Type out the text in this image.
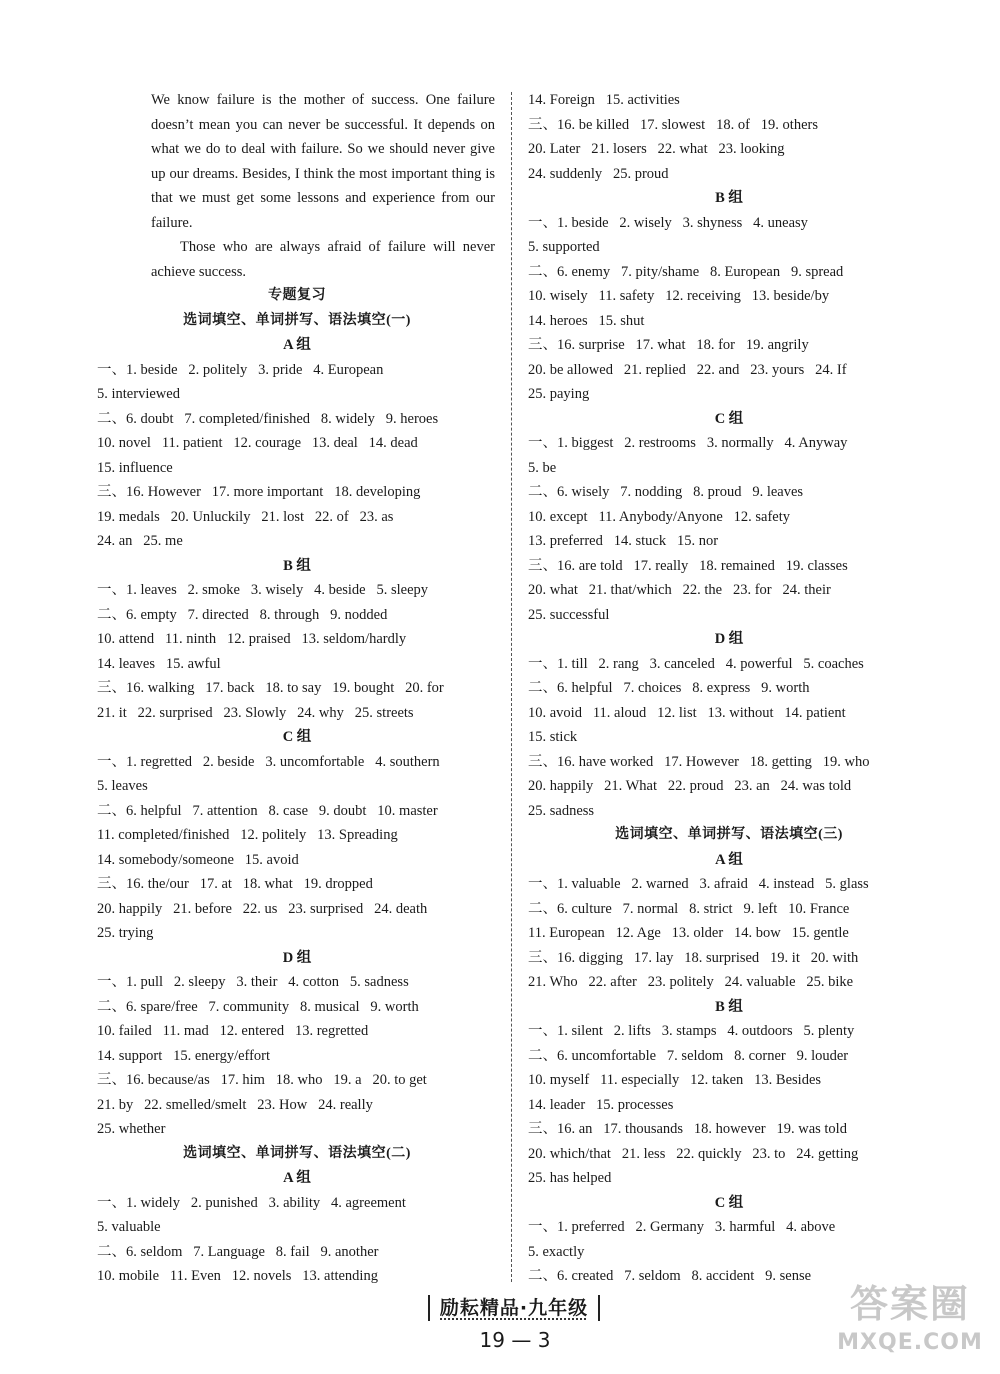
We know failure is the mother of success. One failure doesn’t mean you can never be successful. It depends on what we do to deal with failure. So we should never give up our dreams. Besides, I think the most important thing is that we must get some lessons and experience from our failure.

Those who are always afraid of failure will never achieve success.

专题复习
选词填空、单词拼写、语法填空(一)
A 组
一、1. beside   2. politely   3. pride   4. European
5. interviewed
二、6. doubt   7. completed/finished   8. widely   9. heroes
10. novel   11. patient   12. courage   13. deal   14. dead
15. influence
三、16. However   17. more important   18. developing
19. medals   20. Unluckily   21. lost   22. of   23. as
24. an   25. me
B 组
一、1. leaves   2. smoke   3. wisely   4. beside   5. sleepy
二、6. empty   7. directed   8. through   9. nodded
10. attend   11. ninth   12. praised   13. seldom/hardly
14. leaves   15. awful
三、16. walking   17. back   18. to say   19. bought   20. for
21. it   22. surprised   23. Slowly   24. why   25. streets
C 组
一、1. regretted   2. beside   3. uncomfortable   4. southern
5. leaves
二、6. helpful   7. attention   8. case   9. doubt   10. master
11. completed/finished   12. politely   13. Spreading
14. somebody/someone   15. avoid
三、16. the/our   17. at   18. what   19. dropped
20. happily   21. before   22. us   23. surprised   24. death
25. trying
D 组
一、1. pull   2. sleepy   3. their   4. cotton   5. sadness
二、6. spare/free   7. community   8. musical   9. worth
10. failed   11. mad   12. entered   13. regretted
14. support   15. energy/effort
三、16. because/as   17. him   18. who   19. a   20. to get
21. by   22. smelled/smelt   23. How   24. really
25. whether
选词填空、单词拼写、语法填空(二)
A 组
一、1. widely   2. punished   3. ability   4. agreement
5. valuable
二、6. seldom   7. Language   8. fail   9. another
10. mobile   11. Even   12. novels   13. attending
14. Foreign   15. activities
三、16. be killed   17. slowest   18. of   19. others
20. Later   21. losers   22. what   23. looking
24. suddenly   25. proud
B 组
一、1. beside   2. wisely   3. shyness   4. uneasy
5. supported
二、6. enemy   7. pity/shame   8. European   9. spread
10. wisely   11. safety   12. receiving   13. beside/by
14. heroes   15. shut
三、16. surprise   17. what   18. for   19. angrily
20. be allowed   21. replied   22. and   23. yours   24. If
25. paying
C 组
一、1. biggest   2. restrooms   3. normally   4. Anyway
5. be
二、6. wisely   7. nodding   8. proud   9. leaves
10. except   11. Anybody/Anyone   12. safety
13. preferred   14. stuck   15. nor
三、16. are told   17. really   18. remained   19. classes
20. what   21. that/which   22. the   23. for   24. their
25. successful
D 组
一、1. till   2. rang   3. canceled   4. powerful   5. coaches
二、6. helpful   7. choices   8. express   9. worth
10. avoid   11. aloud   12. list   13. without   14. patient
15. stick
三、16. have worked   17. However   18. getting   19. who
20. happily   21. What   22. proud   23. an   24. was told
25. sadness
选词填空、单词拼写、语法填空(三)
A 组
一、1. valuable   2. warned   3. afraid   4. instead   5. glass
二、6. culture   7. normal   8. strict   9. left   10. France
11. European   12. Age   13. older   14. bow   15. gentle
三、16. digging   17. lay   18. surprised   19. it   20. with
21. Who   22. after   23. politely   24. valuable   25. bike
B 组
一、1. silent   2. lifts   3. stamps   4. outdoors   5. plenty
二、6. uncomfortable   7. seldom   8. corner   9. louder
10. myself   11. especially   12. taken   13. Besides
14. leader   15. processes
三、16. an   17. thousands   18. however   19. was told
20. which/that   21. less   22. quickly   23. to   24. getting
25. has helped
C 组
一、1. preferred   2. Germany   3. harmful   4. above
5. exactly
二、6. created   7. seldom   8. accident   9. sense
励耘精品·九年级
19 — 3
答案圈
MXQE.COM
